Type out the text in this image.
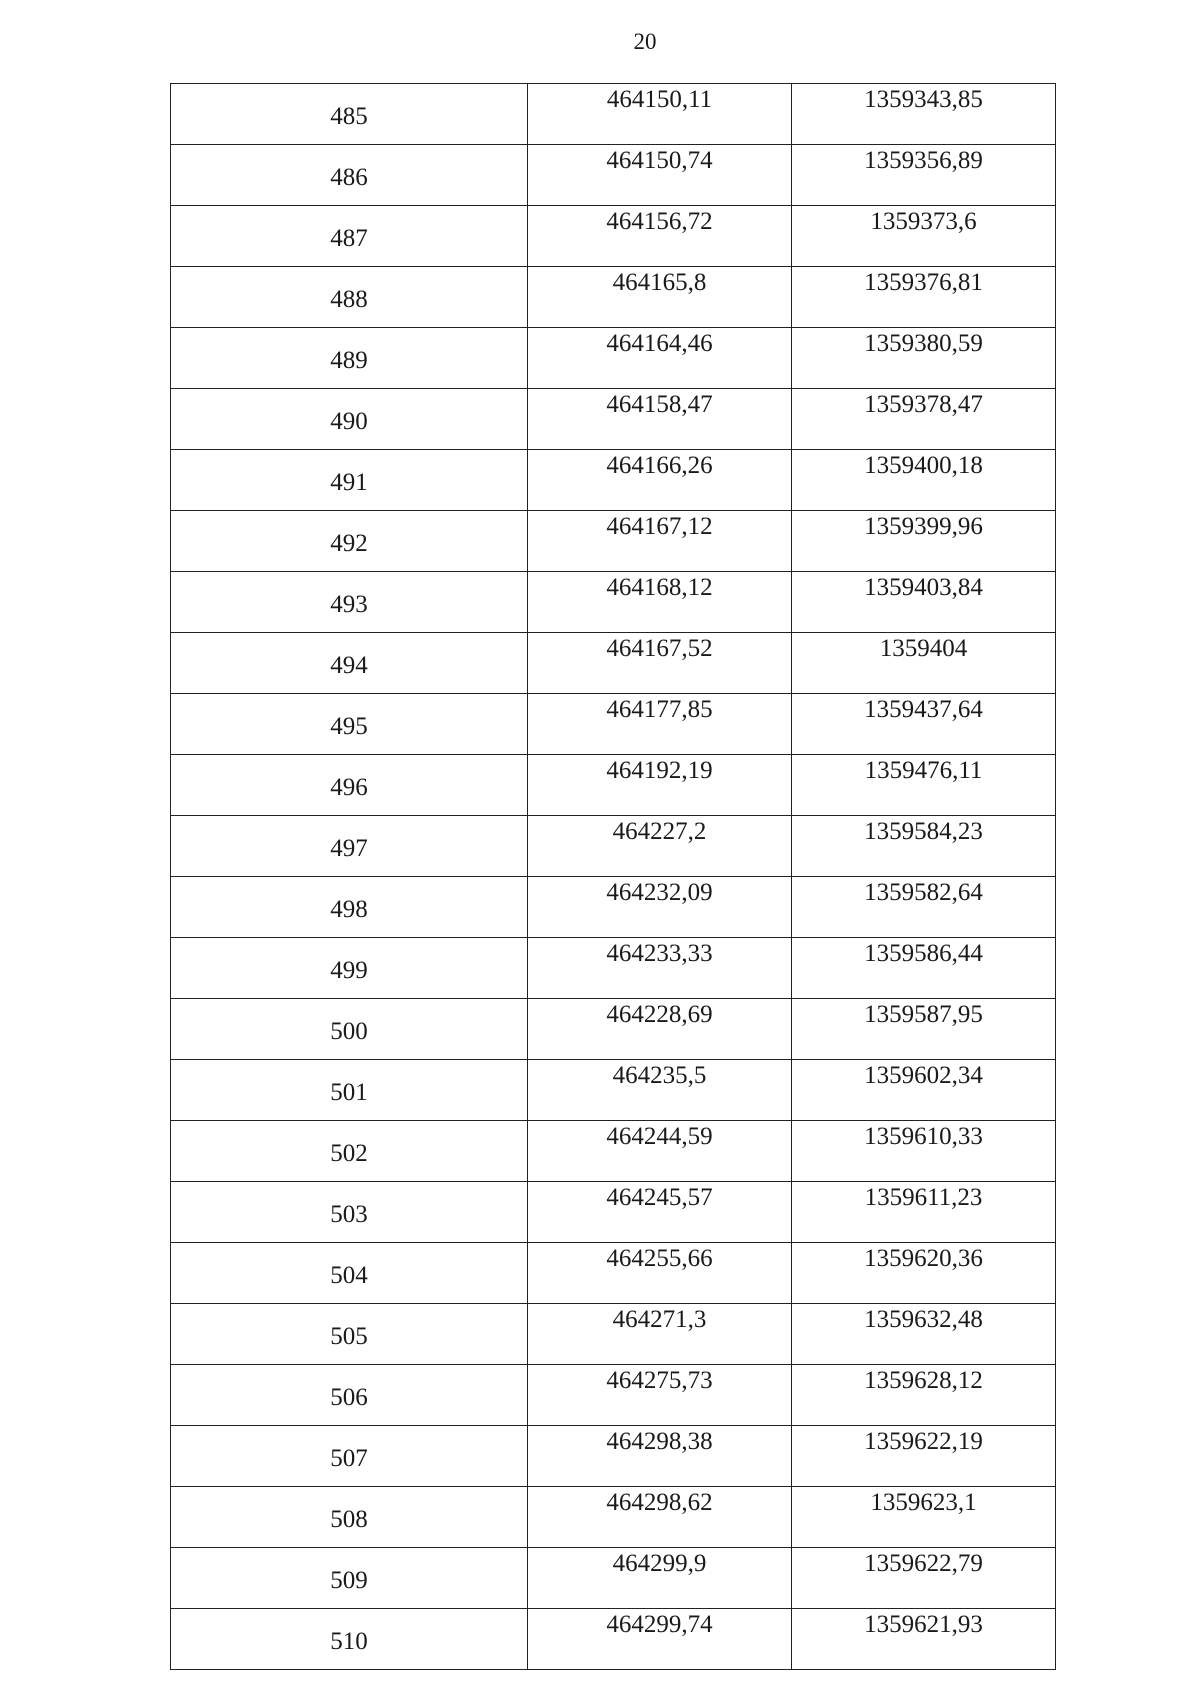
20
485	464150,11	1359343,85
486	464150,74	1359356,89
487	464156,72	1359373,6
488	464165,8	1359376,81
489	464164,46	1359380,59
490	464158,47	1359378,47
491	464166,26	1359400,18
492	464167,12	1359399,96
493	464168,12	1359403,84
494	464167,52	1359404
495	464177,85	1359437,64
496	464192,19	1359476,11
497	464227,2	1359584,23
498	464232,09	1359582,64
499	464233,33	1359586,44
500	464228,69	1359587,95
501	464235,5	1359602,34
502	464244,59	1359610,33
503	464245,57	1359611,23
504	464255,66	1359620,36
505	464271,3	1359632,48
506	464275,73	1359628,12
507	464298,38	1359622,19
508	464298,62	1359623,1
509	464299,9	1359622,79
510	464299,74	1359621,93
